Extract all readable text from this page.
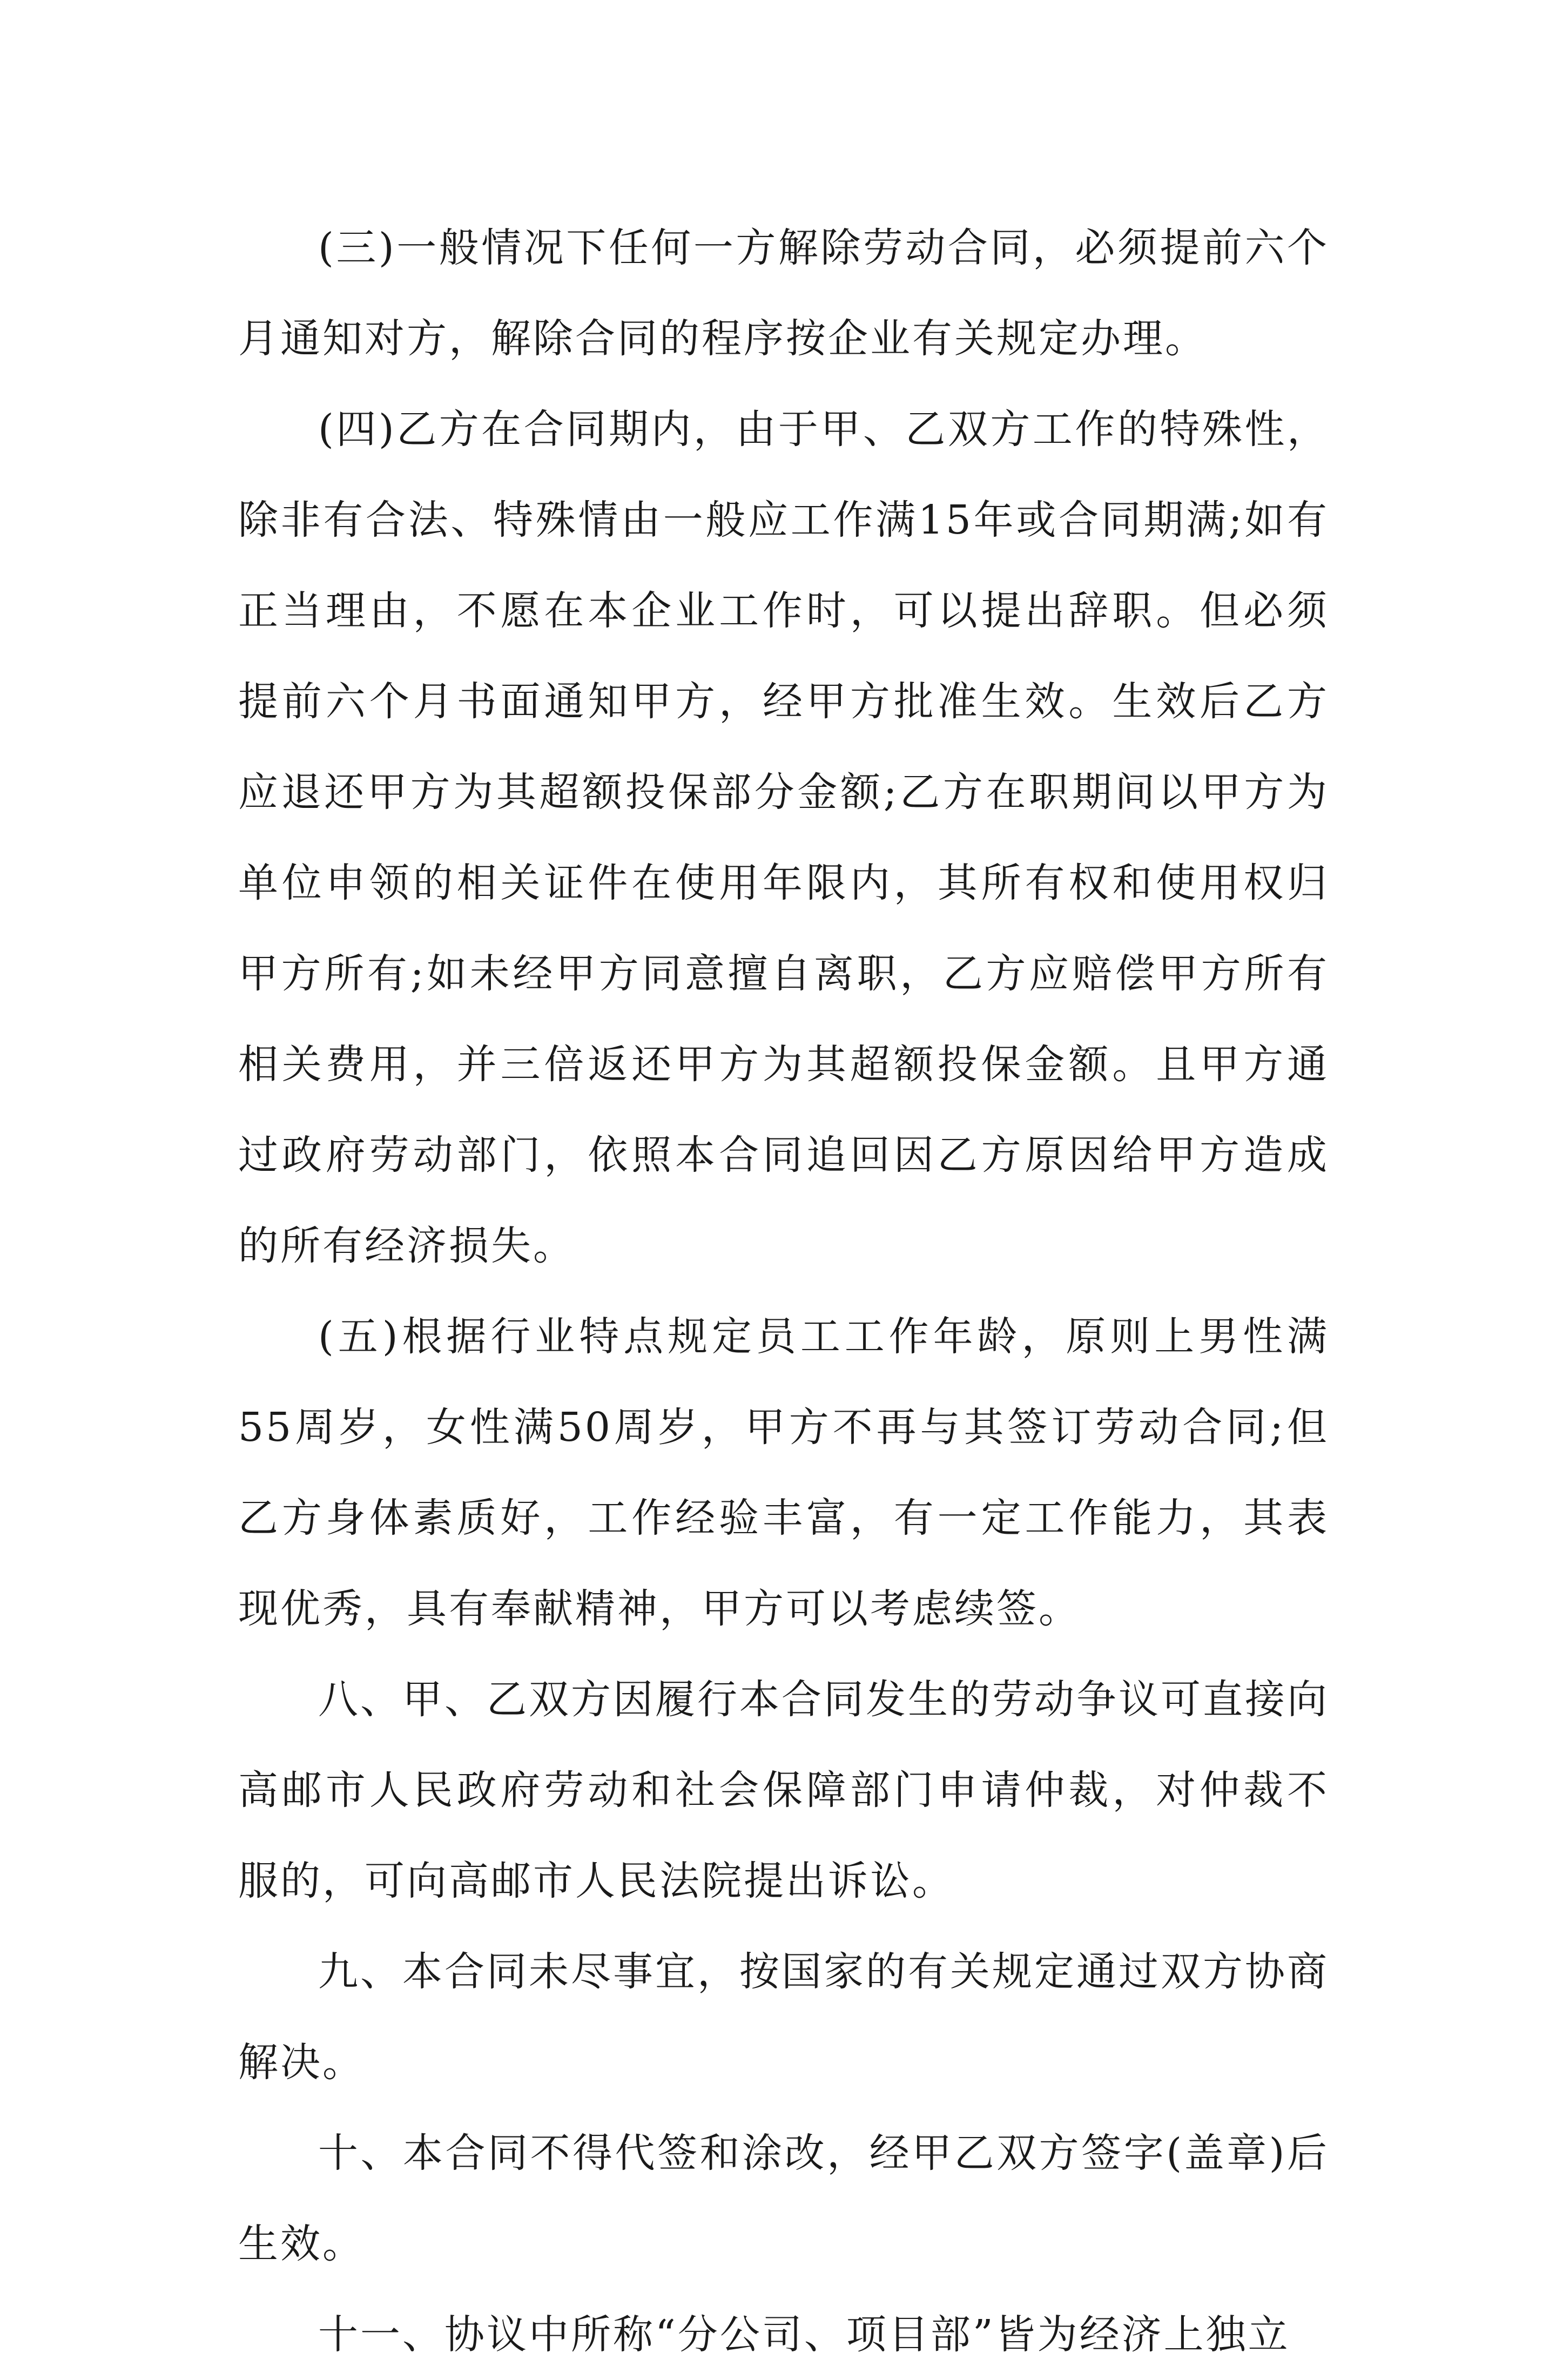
(三)一般情况下任何一方解除劳动合同，必须提前六个月通知对方，解除合同的程序按企业有关规定办理。

(四)乙方在合同期内，由于甲、乙双方工作的特殊性，除非有合法、特殊情由一般应工作满15年或合同期满;如有正当理由，不愿在本企业工作时，可以提出辞职。但必须提前六个月书面通知甲方，经甲方批准生效。生效后乙方应退还甲方为其超额投保部分金额;乙方在职期间以甲方为单位申领的相关证件在使用年限内，其所有权和使用权归甲方所有;如未经甲方同意擅自离职，乙方应赔偿甲方所有相关费用，并三倍返还甲方为其超额投保金额。且甲方通过政府劳动部门，依照本合同追回因乙方原因给甲方造成的所有经济损失。

(五)根据行业特点规定员工工作年龄，原则上男性满55周岁，女性满50周岁，甲方不再与其签订劳动合同;但乙方身体素质好，工作经验丰富，有一定工作能力，其表现优秀，具有奉献精神，甲方可以考虑续签。

八、甲、乙双方因履行本合同发生的劳动争议可直接向高邮市人民政府劳动和社会保障部门申请仲裁，对仲裁不服的，可向高邮市人民法院提出诉讼。

九、本合同未尽事宜，按国家的有关规定通过双方协商解决。

十、本合同不得代签和涂改，经甲乙双方签字(盖章)后生效。

十一、协议中所称“分公司、项目部”皆为经济上独立
